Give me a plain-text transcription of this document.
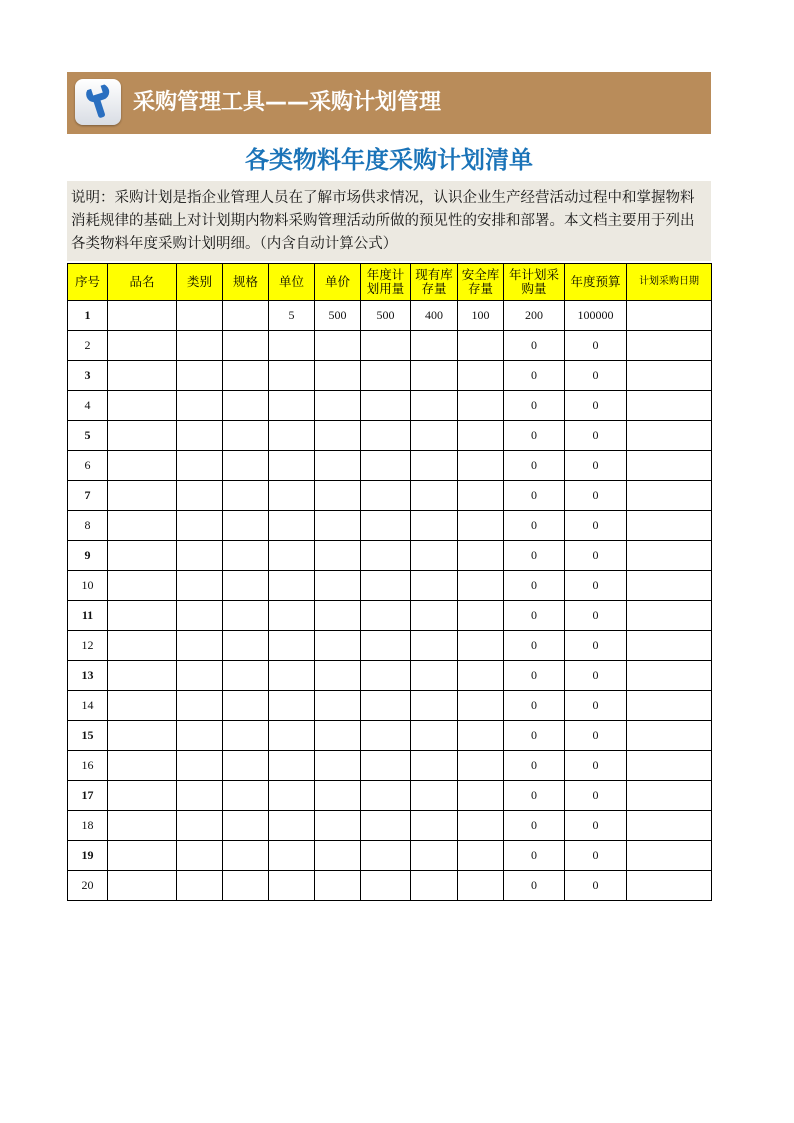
采购管理工具——采购计划管理
各类物料年度采购计划清单
说明：采购计划是指企业管理人员在了解市场供求情况，认识企业生产经营活动过程中和掌握物料消耗规律的基础上对计划期内物料采购管理活动所做的预见性的安排和部署。本文档主要用于列出各类物料年度采购计划明细。（内含自动计算公式）
序号	品名	类别	规格	单位	单价	年度计划用量	现有库存量	安全库存量	年计划采购量	年度预算	计划采购日期
1				5	500	500	400	100	200	100000	
2									0	0	
3									0	0	
4									0	0	
5									0	0	
6									0	0	
7									0	0	
8									0	0	
9									0	0	
10									0	0	
11									0	0	
12									0	0	
13									0	0	
14									0	0	
15									0	0	
16									0	0	
17									0	0	
18									0	0	
19									0	0	
20									0	0	
